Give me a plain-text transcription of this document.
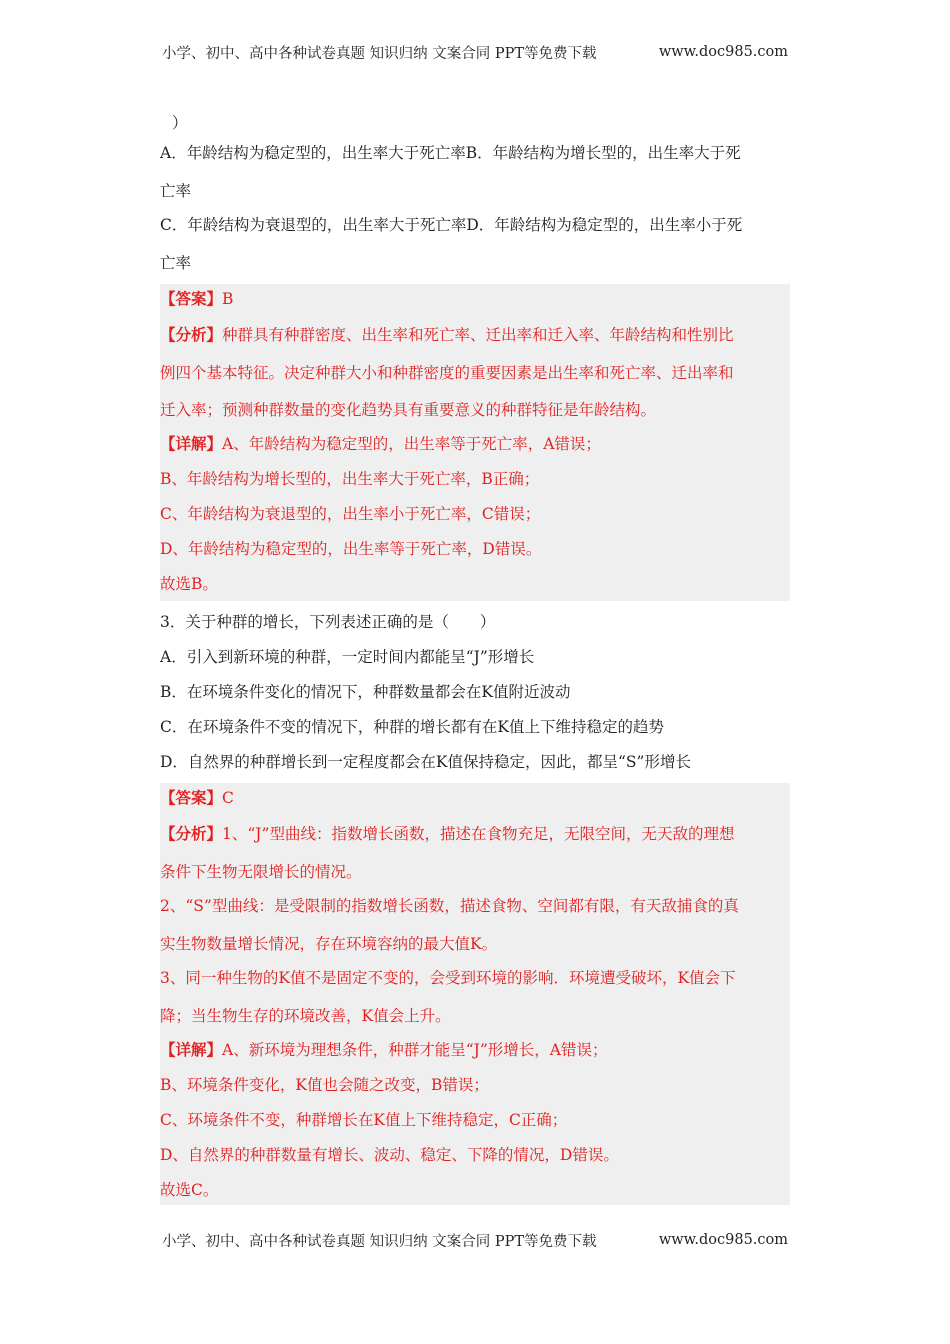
小学、初中、高中各种试卷真题 知识归纳 文案合同 PPT等免费下载	www.doc985.com
）
A．年龄结构为稳定型的，出生率大于死亡率B．年龄结构为增长型的，出生率大于死
亡率
C．年龄结构为衰退型的，出生率大于死亡率D．年龄结构为稳定型的，出生率小于死
亡率
【答案】B
【分析】种群具有种群密度、出生率和死亡率、迁出率和迁入率、年龄结构和性别比
例四个基本特征。决定种群大小和种群密度的重要因素是出生率和死亡率、迁出率和
迁入率；预测种群数量的变化趋势具有重要意义的种群特征是年龄结构。
【详解】A、年龄结构为稳定型的，出生率等于死亡率，A错误；
B、年龄结构为增长型的，出生率大于死亡率，B正确；
C、年龄结构为衰退型的，出生率小于死亡率，C错误；
D、年龄结构为稳定型的，出生率等于死亡率，D错误。
故选B。
3．关于种群的增长，下列表述正确的是（　　）
A．引入到新环境的种群，一定时间内都能呈“J”形增长
B．在环境条件变化的情况下，种群数量都会在K值附近波动
C．在环境条件不变的情况下，种群的增长都有在K值上下维持稳定的趋势
D．自然界的种群增长到一定程度都会在K值保持稳定，因此，都呈“S”形增长
【答案】C
【分析】1、“J”型曲线：指数增长函数，描述在食物充足，无限空间，无天敌的理想
条件下生物无限增长的情况。
2、“S”型曲线：是受限制的指数增长函数，描述食物、空间都有限，有天敌捕食的真
实生物数量增长情况，存在环境容纳的最大值K。
3、同一种生物的K值不是固定不变的，会受到环境的影响．环境遭受破坏，K值会下
降；当生物生存的环境改善，K值会上升。
【详解】A、新环境为理想条件，种群才能呈“J”形增长，A错误；
B、环境条件变化，K值也会随之改变，B错误；
C、环境条件不变，种群增长在K值上下维持稳定，C正确；
D、自然界的种群数量有增长、波动、稳定、下降的情况，D错误。
故选C。
小学、初中、高中各种试卷真题 知识归纳 文案合同 PPT等免费下载	www.doc985.com
